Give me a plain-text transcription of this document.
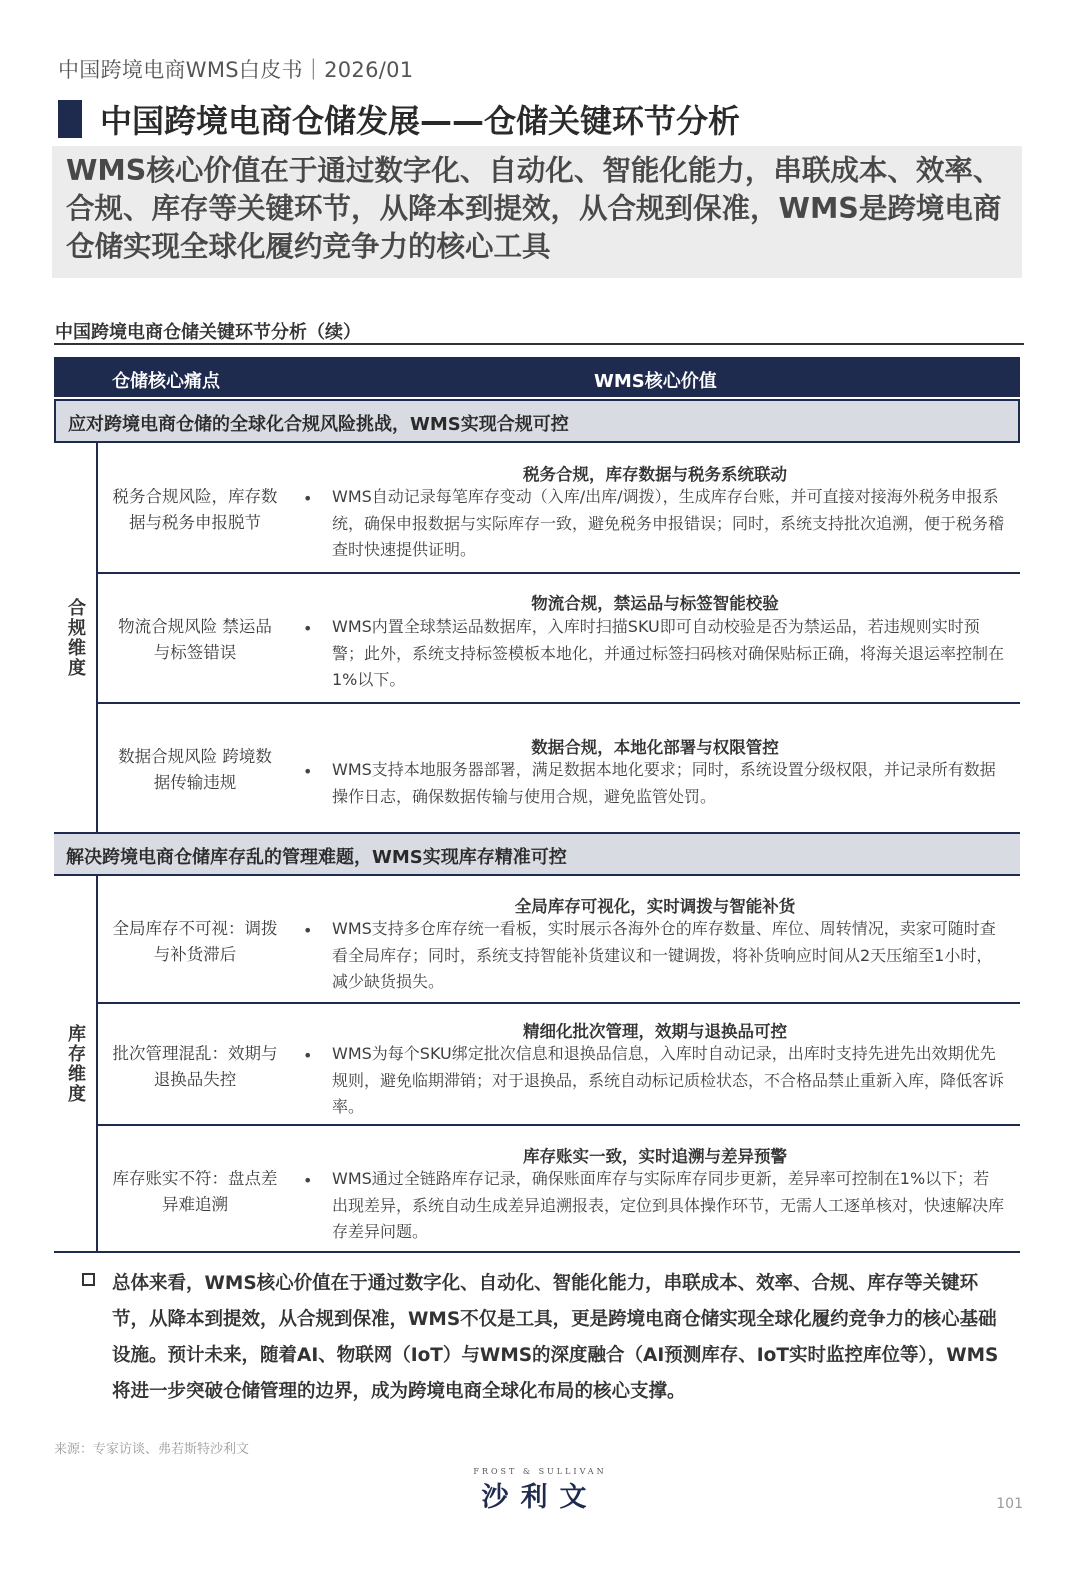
中国跨境电商WMS白皮书｜2026/01
中国跨境电商仓储发展——仓储关键环节分析
WMS核心价值在于通过数字化、自动化、智能化能力，串联成本、效率、合规、库存等关键环节，从降本到提效，从合规到保准，WMS是跨境电商仓储实现全球化履约竞争力的核心工具
中国跨境电商仓储关键环节分析（续）
仓储核心痛点	WMS核心价值
应对跨境电商仓储的全球化合规风险挑战，WMS实现合规可控
合规维度
税务合规风险，库存数据与税务申报脱节
税务合规，库存数据与税务系统联动
• WMS自动记录每笔库存变动（入库/出库/调拨），生成库存台账，并可直接对接海外税务申报系统，确保申报数据与实际库存一致，避免税务申报错误；同时，系统支持批次追溯，便于税务稽查时快速提供证明。
物流合规风险 禁运品与标签错误
物流合规，禁运品与标签智能校验
• WMS内置全球禁运品数据库，入库时扫描SKU即可自动校验是否为禁运品，若违规则实时预警；此外，系统支持标签模板本地化，并通过标签扫码核对确保贴标正确，将海关退运率控制在1%以下。
数据合规风险 跨境数据传输违规
数据合规，本地化部署与权限管控
• WMS支持本地服务器部署，满足数据本地化要求；同时，系统设置分级权限，并记录所有数据操作日志，确保数据传输与使用合规，避免监管处罚。
解决跨境电商仓储库存乱的管理难题，WMS实现库存精准可控
库存维度
全局库存不可视：调拨与补货滞后
全局库存可视化，实时调拨与智能补货
• WMS支持多仓库存统一看板，实时展示各海外仓的库存数量、库位、周转情况，卖家可随时查看全局库存；同时，系统支持智能补货建议和一键调拨，将补货响应时间从2天压缩至1小时，减少缺货损失。
批次管理混乱：效期与退换品失控
精细化批次管理，效期与退换品可控
• WMS为每个SKU绑定批次信息和退换品信息，入库时自动记录，出库时支持先进先出效期优先规则，避免临期滞销；对于退换品，系统自动标记质检状态，不合格品禁止重新入库，降低客诉率。
库存账实不符：盘点差异难追溯
库存账实一致，实时追溯与差异预警
• WMS通过全链路库存记录，确保账面库存与实际库存同步更新，差异率可控制在1%以下；若出现差异，系统自动生成差异追溯报表，定位到具体操作环节，无需人工逐单核对，快速解决库存差异问题。
总体来看，WMS核心价值在于通过数字化、自动化、智能化能力，串联成本、效率、合规、库存等关键环节，从降本到提效，从合规到保准，WMS不仅是工具，更是跨境电商仓储实现全球化履约竞争力的核心基础设施。预计未来，随着AI、物联网（IoT）与WMS的深度融合（AI预测库存、IoT实时监控库位等），WMS将进一步突破仓储管理的边界，成为跨境电商全球化布局的核心支撑。
来源：专家访谈、弗若斯特沙利文
FROST & SULLIVAN
沙利文	101
